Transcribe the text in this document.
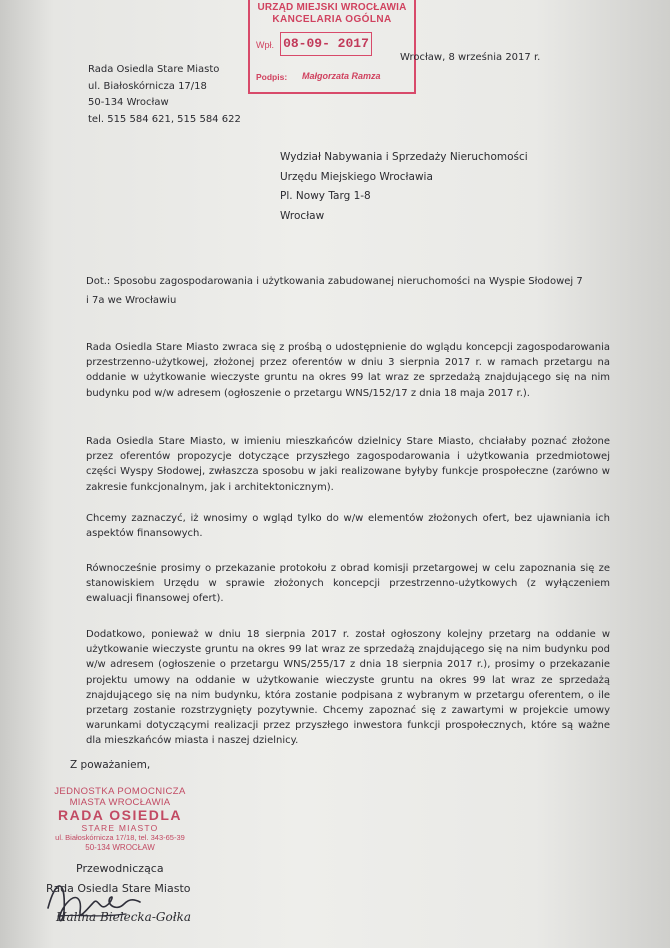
URZĄD MIEJSKI WROCŁAWIA
KANCELARIA OGÓLNA
Wpł. 08-09- 2017
Podpis: Małgorzata Ramza
Rada Osiedla Stare Miasto
ul. Białoskórnicza 17/18
50-134 Wrocław
tel. 515 584 621, 515 584 622
Wrocław, 8 września 2017 r.
Wydział Nabywania i Sprzedaży Nieruchomości
Urzędu Miejskiego Wrocławia
Pl. Nowy Targ 1-8
Wrocław
Dot.: Sposobu zagospodarowania i użytkowania zabudowanej nieruchomości na Wyspie Słodowej 7
i 7a we Wrocławiu
Rada Osiedla Stare Miasto zwraca się z prośbą o udostępnienie do wglądu koncepcji zagospodarowania przestrzenno-użytkowej, złożonej przez oferentów w dniu 3 sierpnia 2017 r. w ramach przetargu na oddanie w użytkowanie wieczyste gruntu na okres 99 lat wraz ze sprzedażą znajdującego się na nim budynku pod w/w adresem (ogłoszenie o przetargu WNS/152/17 z dnia 18 maja 2017 r.).
Rada Osiedla Stare Miasto, w imieniu mieszkańców dzielnicy Stare Miasto, chciałaby poznać złożone przez oferentów propozycje dotyczące przyszłego zagospodarowania i użytkowania przedmiotowej części Wyspy Słodowej, zwłaszcza sposobu w jaki realizowane byłyby funkcje prospołeczne (zarówno w zakresie funkcjonalnym, jak i architektonicznym).
Chcemy zaznaczyć, iż wnosimy o wgląd tylko do w/w elementów złożonych ofert, bez ujawniania ich aspektów finansowych.
Równocześnie prosimy o przekazanie protokołu z obrad komisji przetargowej w celu zapoznania się ze stanowiskiem Urzędu w sprawie złożonych koncepcji przestrzenno-użytkowych (z wyłączeniem ewaluacji finansowej ofert).
Dodatkowo, ponieważ w dniu 18 sierpnia 2017 r. został ogłoszony kolejny przetarg na oddanie w użytkowanie wieczyste gruntu na okres 99 lat wraz ze sprzedażą znajdującego się na nim budynku pod w/w adresem (ogłoszenie o przetargu WNS/255/17 z dnia 18 sierpnia 2017 r.), prosimy o przekazanie projektu umowy na oddanie w użytkowanie wieczyste gruntu na okres 99 lat wraz ze sprzedażą znajdującego się na nim budynku, która zostanie podpisana z wybranym w przetargu oferentem, o ile przetarg zostanie rozstrzygnięty pozytywnie. Chcemy zapoznać się z zawartymi w projekcie umowy warunkami dotyczącymi realizacji przez przyszłego inwestora funkcji prospołecznych, które są ważne dla mieszkańców miasta i naszej dzielnicy.
Z poważaniem,
JEDNOSTKA POMOCNICZA
MIASTA WROCŁAWIA
RADA OSIEDLA
STARE MIASTO
ul. Białoskórnicza 17/18, tel. 343-65-39
50-134 WROCŁAW
Przewodnicząca
Rada Osiedla Stare Miasto
Halina Bielecka-Gołka
